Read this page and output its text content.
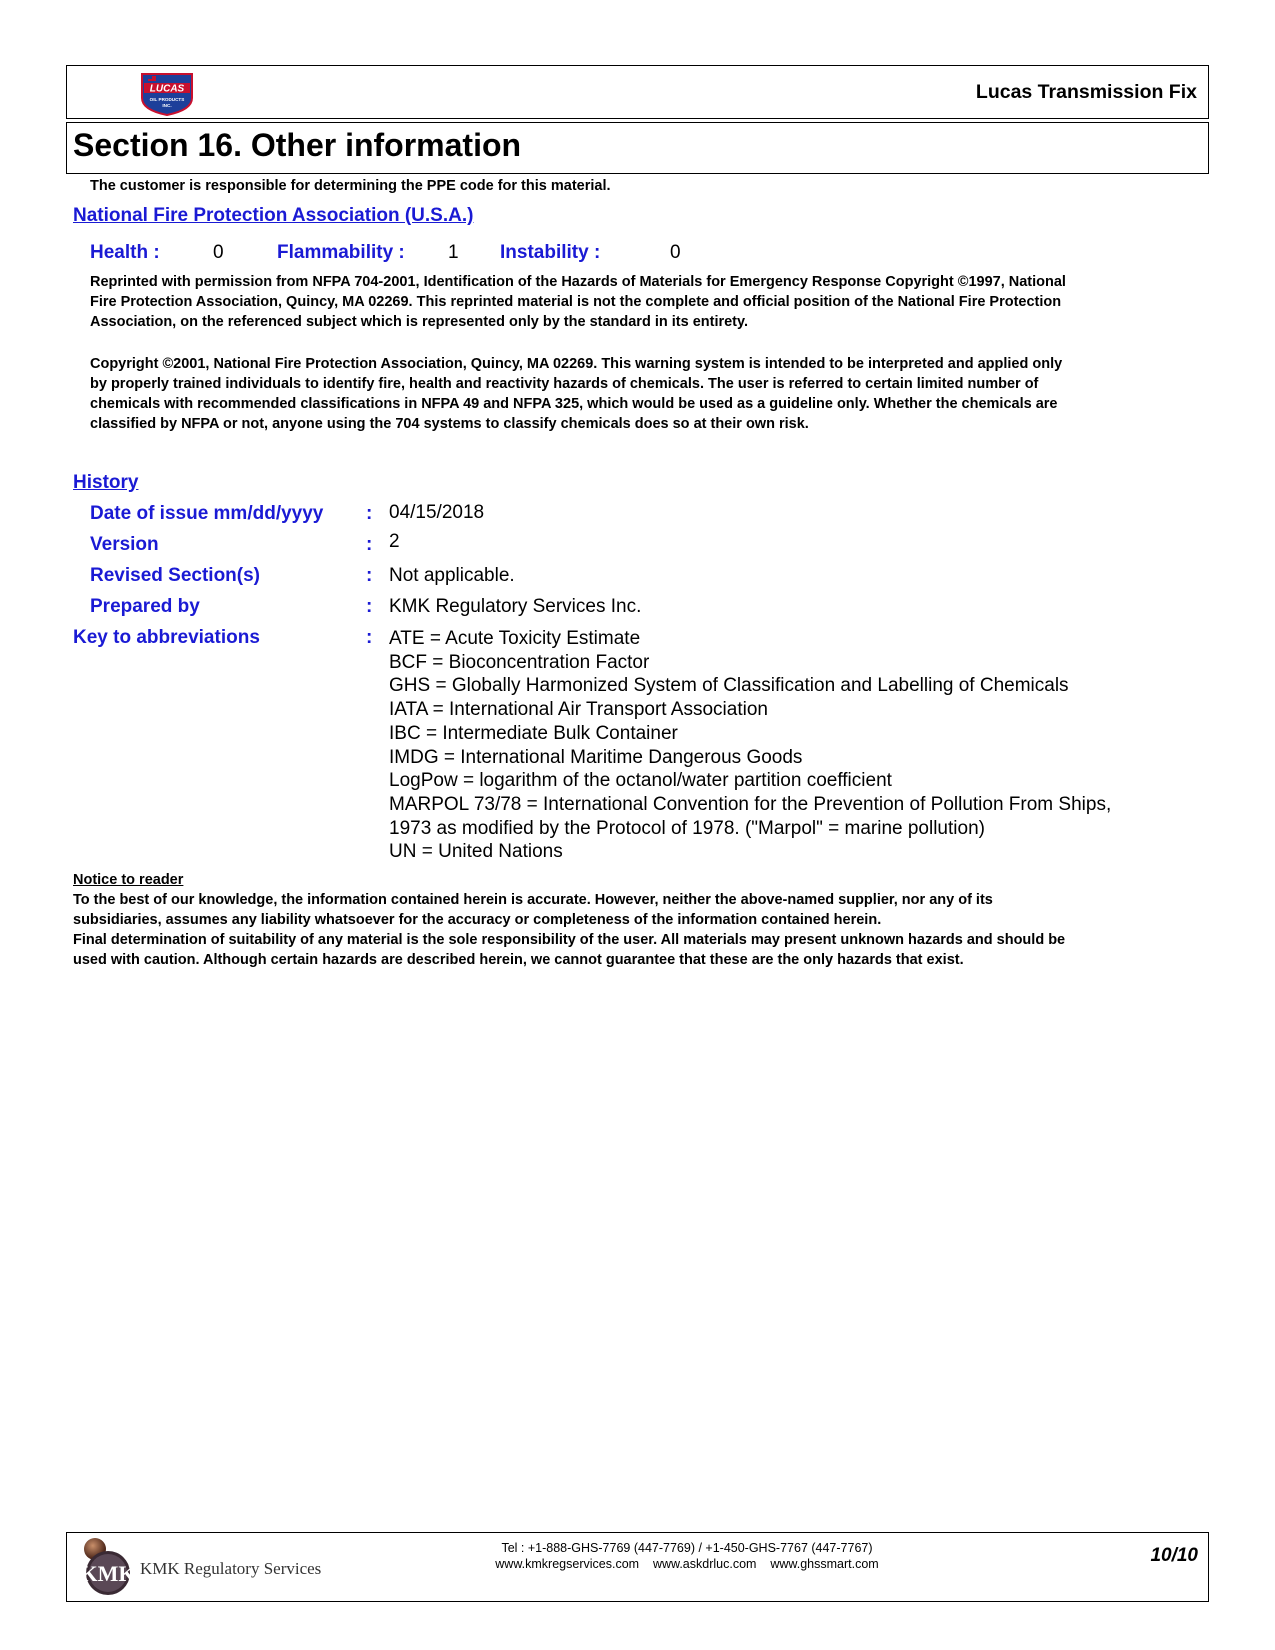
LUCAS
OIL PRODUCTS
INC.
Lucas Transmission Fix
Section 16. Other information
The customer is responsible for determining the PPE code for this material.
National Fire Protection Association (U.S.A.)
Health :	0	Flammability : 1 Instability :	0
Reprinted with permission from NFPA 704-2001, Identification of the Hazards of Materials for Emergency Response Copyright ©1997, National
Fire Protection Association, Quincy, MA 02269. This reprinted material is not the complete and official position of the National Fire Protection
Association, on the referenced subject which is represented only by the standard in its entirety.
Copyright ©2001, National Fire Protection Association, Quincy, MA 02269. This warning system is intended to be interpreted and applied only
by properly trained individuals to identify fire, health and reactivity hazards of chemicals. The user is referred to certain limited number of
chemicals with recommended classifications in NFPA 49 and NFPA 325, which would be used as a guideline only. Whether the chemicals are
classified by NFPA or not, anyone using the 704 systems to classify chemicals does so at their own risk.
History
Date of issue mm/dd/yyyy : 04/15/2018
Version	: 2
Revised Section(s)	: Not applicable.
Prepared by	: KMK Regulatory Services Inc.
Key to abbreviations	: ATE = Acute Toxicity Estimate
BCF = Bioconcentration Factor
GHS = Globally Harmonized System of Classification and Labelling of Chemicals
IATA = International Air Transport Association
IBC = Intermediate Bulk Container
IMDG = International Maritime Dangerous Goods
LogPow = logarithm of the octanol/water partition coefficient
MARPOL 73/78 = International Convention for the Prevention of Pollution From Ships,
1973 as modified by the Protocol of 1978. ("Marpol" = marine pollution)
UN = United Nations
Notice to reader
To the best of our knowledge, the information contained herein is accurate. However, neither the above-named supplier, nor any of its
subsidiaries, assumes any liability whatsoever for the accuracy or completeness of the information contained herein.
Final determination of suitability of any material is the sole responsibility of the user. All materials may present unknown hazards and should be
used with caution. Although certain hazards are described herein, we cannot guarantee that these are the only hazards that exist.
KMK KMK Regulatory Services
Tel : +1-888-GHS-7769 (447-7769) / +1-450-GHS-7767 (447-7767)
www.kmkregservices.com    www.askdrluc.com    www.ghssmart.com	10/10
